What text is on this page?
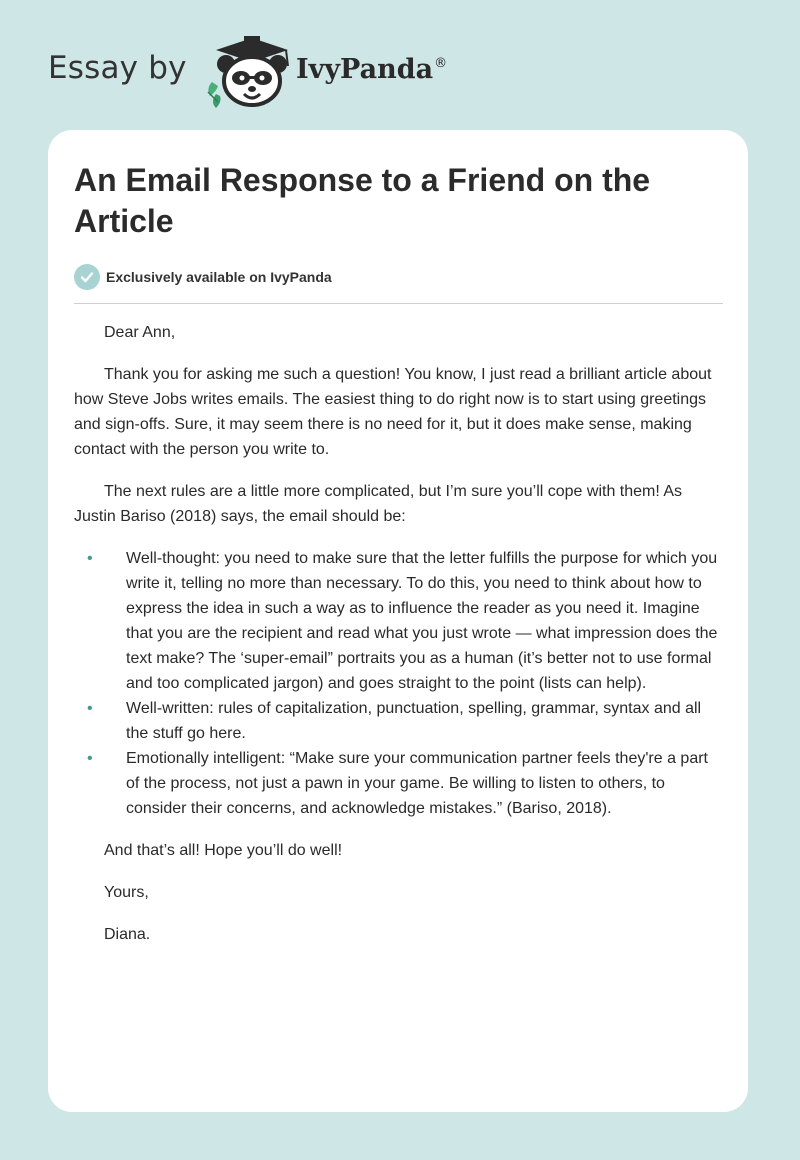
Essay by	IvyPanda®
An Email Response to a Friend on the Article
Exclusively available on IvyPanda

Dear Ann,

Thank you for asking me such a question! You know, I just read a brilliant article about how Steve Jobs writes emails. The easiest thing to do right now is to start using greetings and sign-offs. Sure, it may seem there is no need for it, but it does make sense, making contact with the person you write to.

The next rules are a little more complicated, but I’m sure you’ll cope with them! As Justin Bariso (2018) says, the email should be:

• Well-thought: you need to make sure that the letter fulfills the purpose for which you write it, telling no more than necessary. To do this, you need to think about how to express the idea in such a way as to influence the reader as you need it. Imagine that you are the recipient and read what you just wrote — what impression does the text make? The ‘super-email” portraits you as a human (it’s better not to use formal and too complicated jargon) and goes straight to the point (lists can help).
• Well-written: rules of capitalization, punctuation, spelling, grammar, syntax and all the stuff go here.
• Emotionally intelligent: “Make sure your communication partner feels they're a part of the process, not just a pawn in your game. Be willing to listen to others, to consider their concerns, and acknowledge mistakes.” (Bariso, 2018).

And that’s all! Hope you’ll do well!

Yours,

Diana.
